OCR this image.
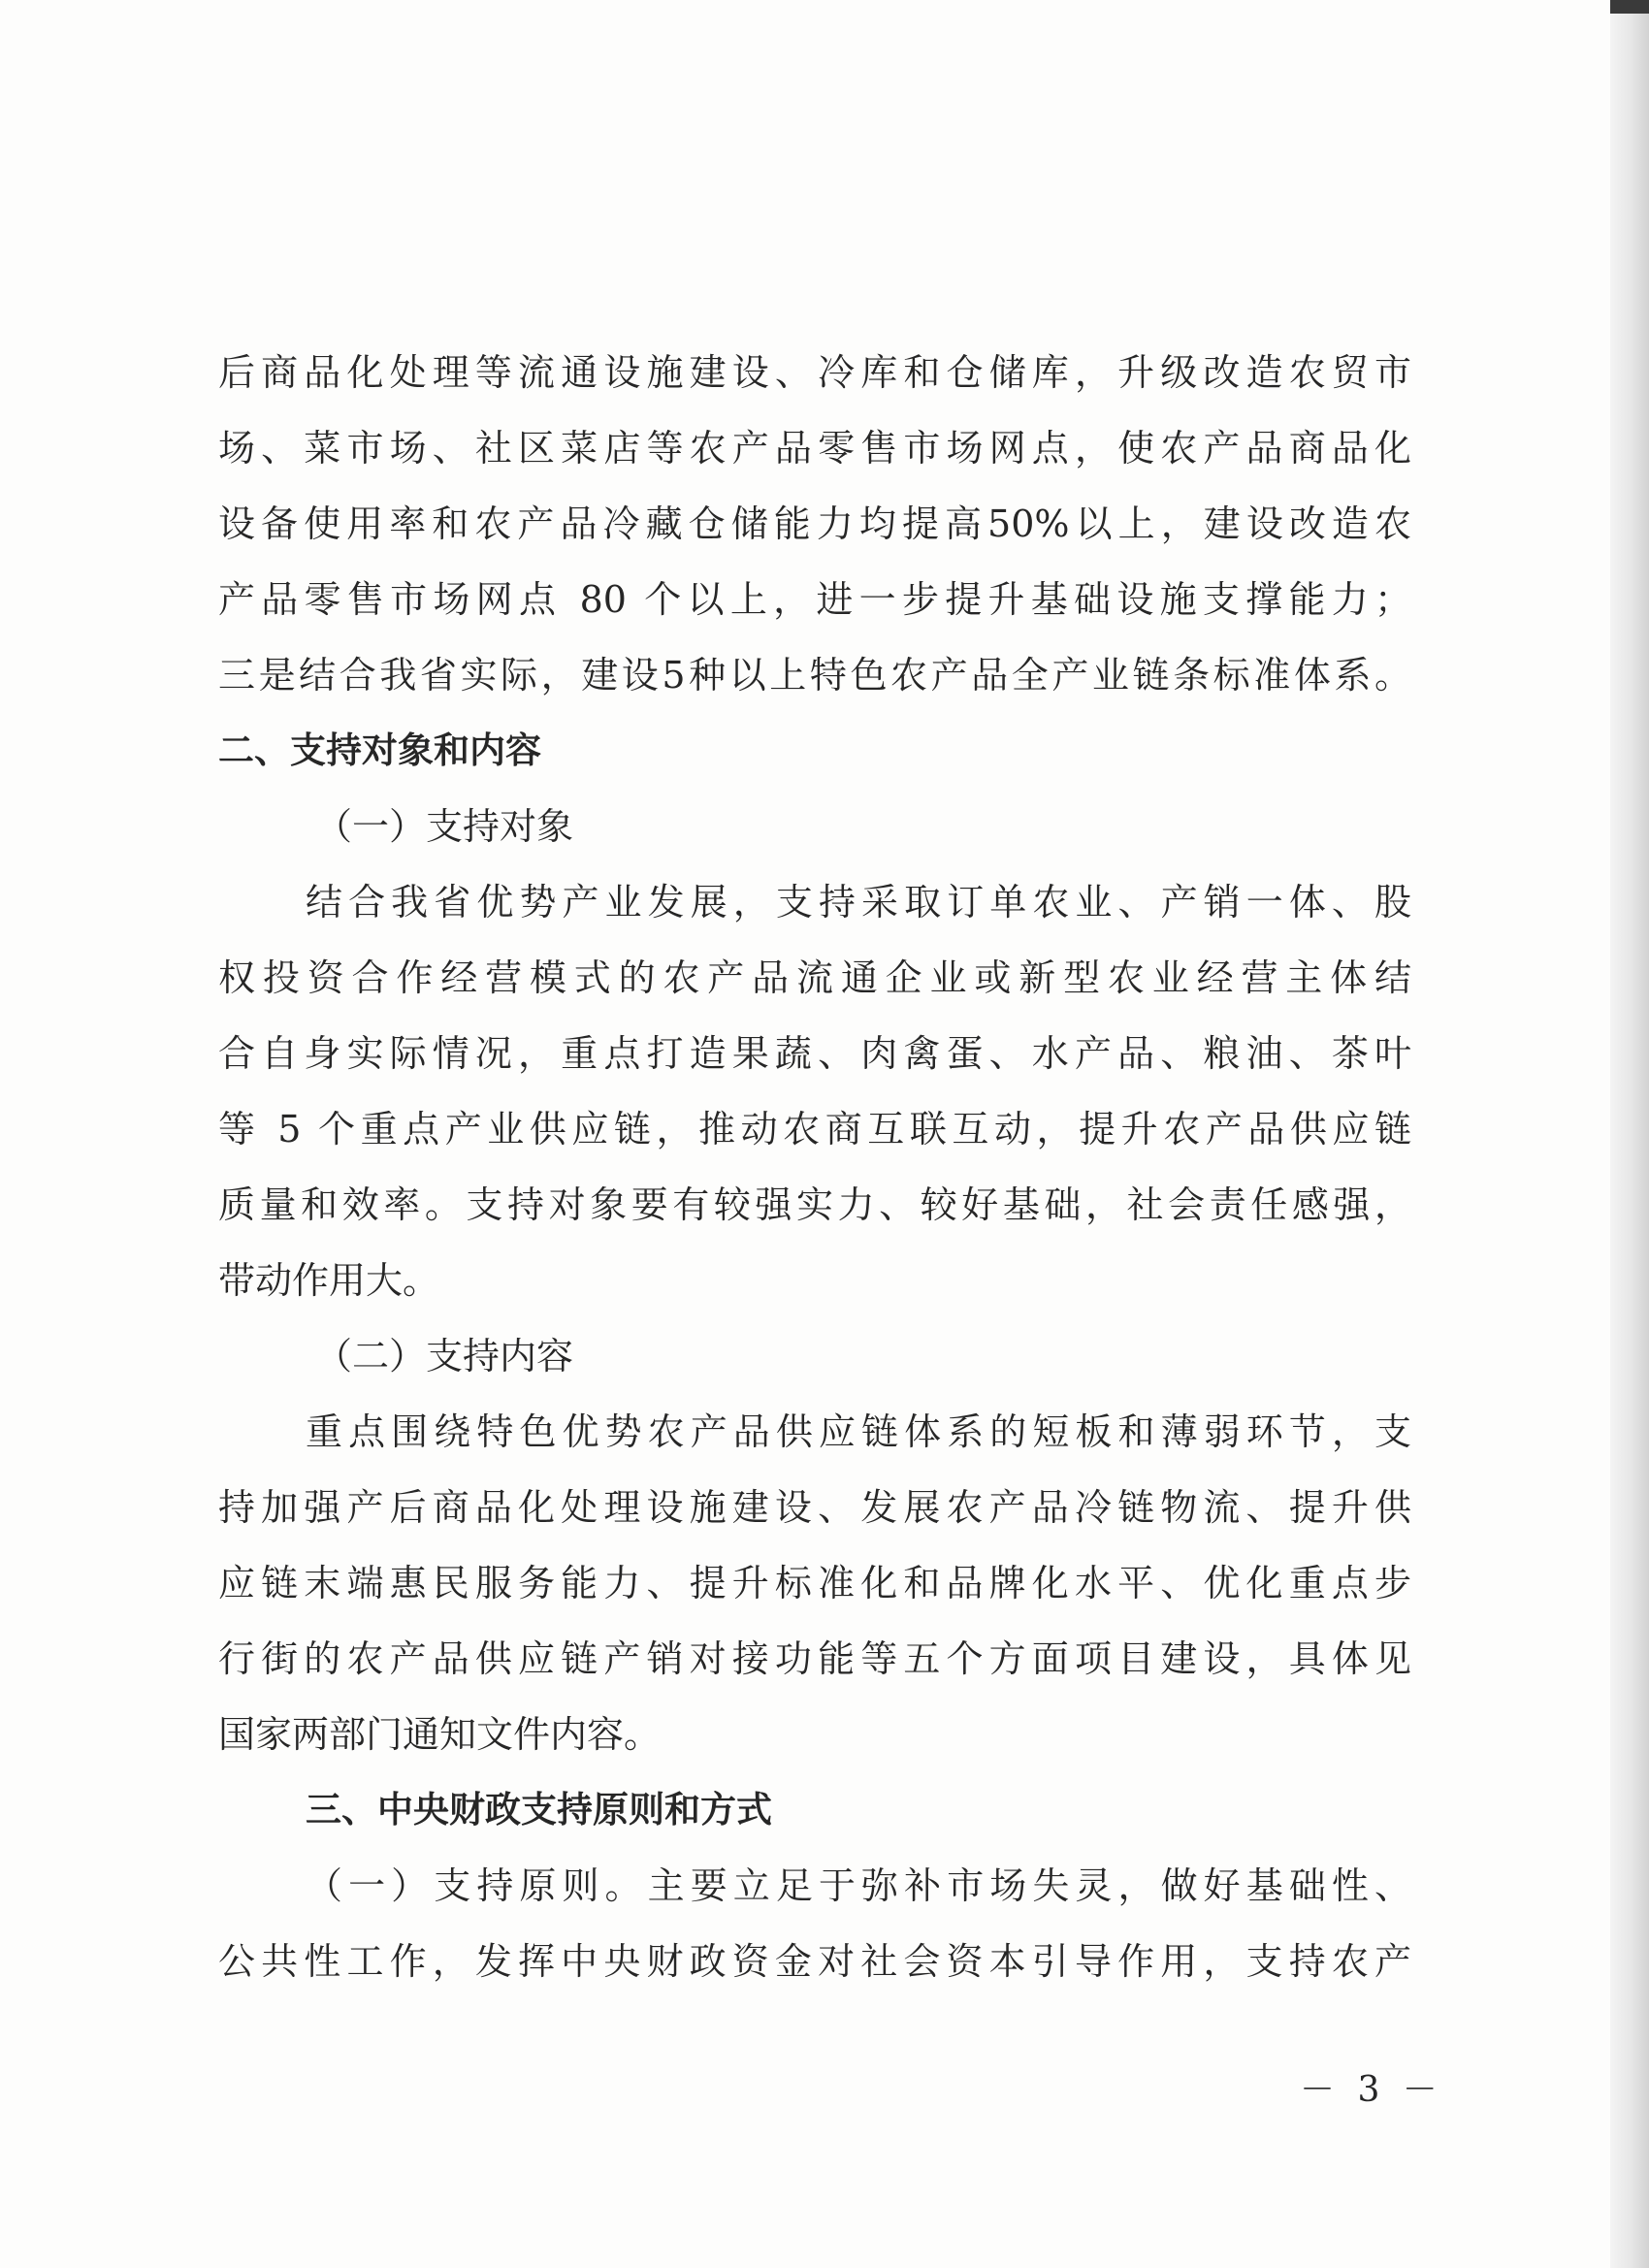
后商品化处理等流通设施建设、冷库和仓储库，升级改造农贸市
场、菜市场、社区菜店等农产品零售市场网点，使农产品商品化
设备使用率和农产品冷藏仓储能力均提高50%以上，建设改造农
产品零售市场网点 80 个以上，进一步提升基础设施支撑能力；
三是结合我省实际，建设5种以上特色农产品全产业链条标准体系。
二、支持对象和内容
（一）支持对象
结合我省优势产业发展，支持采取订单农业、产销一体、股
权投资合作经营模式的农产品流通企业或新型农业经营主体结
合自身实际情况，重点打造果蔬、肉禽蛋、水产品、粮油、茶叶
等 5 个重点产业供应链，推动农商互联互动，提升农产品供应链
质量和效率。支持对象要有较强实力、较好基础，社会责任感强，
带动作用大。
（二）支持内容
重点围绕特色优势农产品供应链体系的短板和薄弱环节，支
持加强产后商品化处理设施建设、发展农产品冷链物流、提升供
应链末端惠民服务能力、提升标准化和品牌化水平、优化重点步
行街的农产品供应链产销对接功能等五个方面项目建设，具体见
国家两部门通知文件内容。
三、中央财政支持原则和方式
（一）支持原则。主要立足于弥补市场失灵，做好基础性、
公共性工作，发挥中央财政资金对社会资本引导作用，支持农产
－ 3 －
